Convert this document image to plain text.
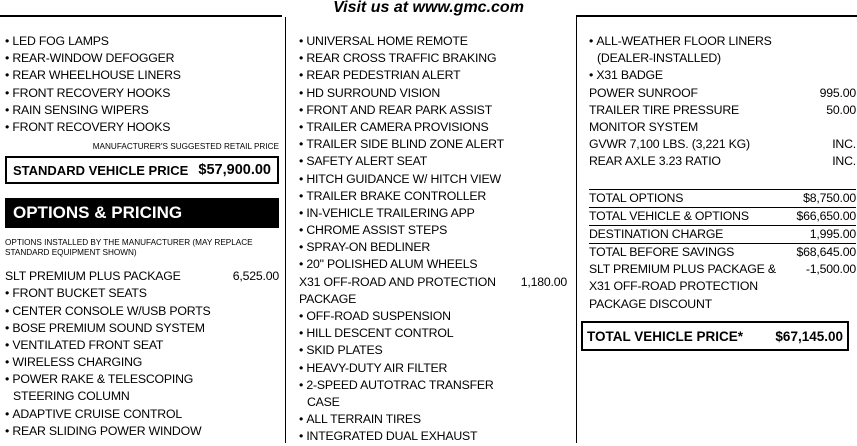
Visit us at www.gmc.com
• LED FOG LAMPS
• REAR-WINDOW DEFOGGER
• REAR WHEELHOUSE LINERS
• FRONT RECOVERY HOOKS
• RAIN SENSING WIPERS
• FRONT RECOVERY HOOKS
MANUFACTURER'S SUGGESTED RETAIL PRICE
STANDARD VEHICLE PRICE $57,900.00
OPTIONS & PRICING
OPTIONS INSTALLED BY THE MANUFACTURER (MAY REPLACE STANDARD EQUIPMENT SHOWN)
SLT PREMIUM PLUS PACKAGE	6,525.00
• FRONT BUCKET SEATS
• CENTER CONSOLE W/USB PORTS
• BOSE PREMIUM SOUND SYSTEM
• VENTILATED FRONT SEAT
• WIRELESS CHARGING
• POWER RAKE & TELESCOPING
STEERING COLUMN
• ADAPTIVE CRUISE CONTROL
• REAR SLIDING POWER WINDOW
• UNIVERSAL HOME REMOTE
• REAR CROSS TRAFFIC BRAKING
• REAR PEDESTRIAN ALERT
• HD SURROUND VISION
• FRONT AND REAR PARK ASSIST
• TRAILER CAMERA PROVISIONS
• TRAILER SIDE BLIND ZONE ALERT
• SAFETY ALERT SEAT
• HITCH GUIDANCE W/ HITCH VIEW
• TRAILER BRAKE CONTROLLER
• IN-VEHICLE TRAILERING APP
• CHROME ASSIST STEPS
• SPRAY-ON BEDLINER
• 20" POLISHED ALUM WHEELS
X31 OFF-ROAD AND PROTECTION 1,180.00
PACKAGE
• OFF-ROAD SUSPENSION
• HILL DESCENT CONTROL
• SKID PLATES
• HEAVY-DUTY AIR FILTER
• 2-SPEED AUTOTRAC TRANSFER
CASE
• ALL TERRAIN TIRES
• INTEGRATED DUAL EXHAUST
• ALL-WEATHER FLOOR LINERS
(DEALER-INSTALLED)
• X31 BADGE
POWER SUNROOF	995.00
TRAILER TIRE PRESSURE	50.00
MONITOR SYSTEM
GVWR 7,100 LBS. (3,221 KG)	INC.
REAR AXLE 3.23 RATIO	INC.
TOTAL OPTIONS	$8,750.00
TOTAL VEHICLE & OPTIONS	$66,650.00
DESTINATION CHARGE	1,995.00
TOTAL BEFORE SAVINGS	$68,645.00
SLT PREMIUM PLUS PACKAGE & -1,500.00
X31 OFF-ROAD PROTECTION
PACKAGE DISCOUNT
TOTAL VEHICLE PRICE* $67,145.00
